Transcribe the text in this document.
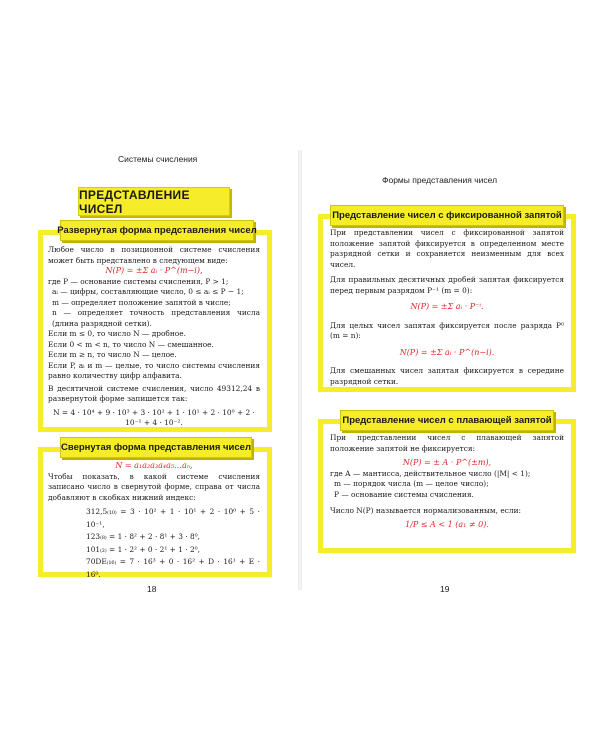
Системы счисления
ПРЕДСТАВЛЕНИЕ ЧИСЕЛ
Развернутая форма представления чисел

Любое число в позиционной системе счисления может быть представлено в следующем виде:

N(P) = ±Σ aᵢ · P^(m−i),

где P — основание системы счисления, P > 1;

aᵢ — цифры, составляющие число, 0 ≤ aᵢ ≤ P − 1;

m — определяет положение запятой в числе;

n — определяет точность представления числа (длина разрядной сетки).

Если m ≤ 0, то число N — дробное.

Если 0 < m < n, то число N — смешанное.

Если m ≥ n, то число N — целое.

Если P, aᵢ и m — целые, то число системы счисления равно количеству цифр алфавита.

В десятичной системе счисления, число 49312,24 в развернутой форме запишется так:

N = 4 · 10⁴ + 9 · 10³ + 3 · 10² + 1 · 10¹ + 2 · 10⁰ + 2 · 10⁻¹ + 4 · 10⁻².

Свернутая форма представления чисел

N = a₁a₂a₃a₄a₅…aₙ,

Чтобы показать, в какой системе счисления записано число в свернутой форме, справа от числа добавляют в скобках нижний индекс:

312,5₍₁₀₎ = 3 · 10² + 1 · 10¹ + 2 · 10⁰ + 5 · 10⁻¹,

123₍₈₎ = 1 · 8² + 2 · 8¹ + 3 · 8⁰,

101₍₂₎ = 1 · 2² + 0 · 2¹ + 1 · 2⁰,

70DE₍₁₆₎ = 7 · 16³ + 0 · 16² + D · 16¹ + E · 16⁰.

18
Формы представления чисел
Представление чисел с фиксированной запятой

При представлении чисел с фиксированной запятой положение запятой фиксируется в определенном месте разрядной сетки и сохраняется неизменным для всех чисел.

Для правильных десятичных дробей запятая фиксируется перед первым разрядом P⁻¹ (m = 0):

N(P) = ±Σ aᵢ · P⁻ⁱ.

Для целых чисел запятая фиксируется после разряда P⁰ (m = n):

N(P) = ±Σ aᵢ · P^(n−i).

Для смешанных чисел запятая фиксируется в середине разрядной сетки.

Представление чисел с плавающей запятой

При представлении чисел с плавающей запятой положение запятой не фиксируется:

N(P) = ± A · P^(±m),

где A — мантисса, действительное число (|M| < 1);

m — порядок числа (m — целое число);

P — основание системы счисления.

Число N(P) называется нормализованным, если:

1/P ≤ A < 1 (a₁ ≠ 0).

19
